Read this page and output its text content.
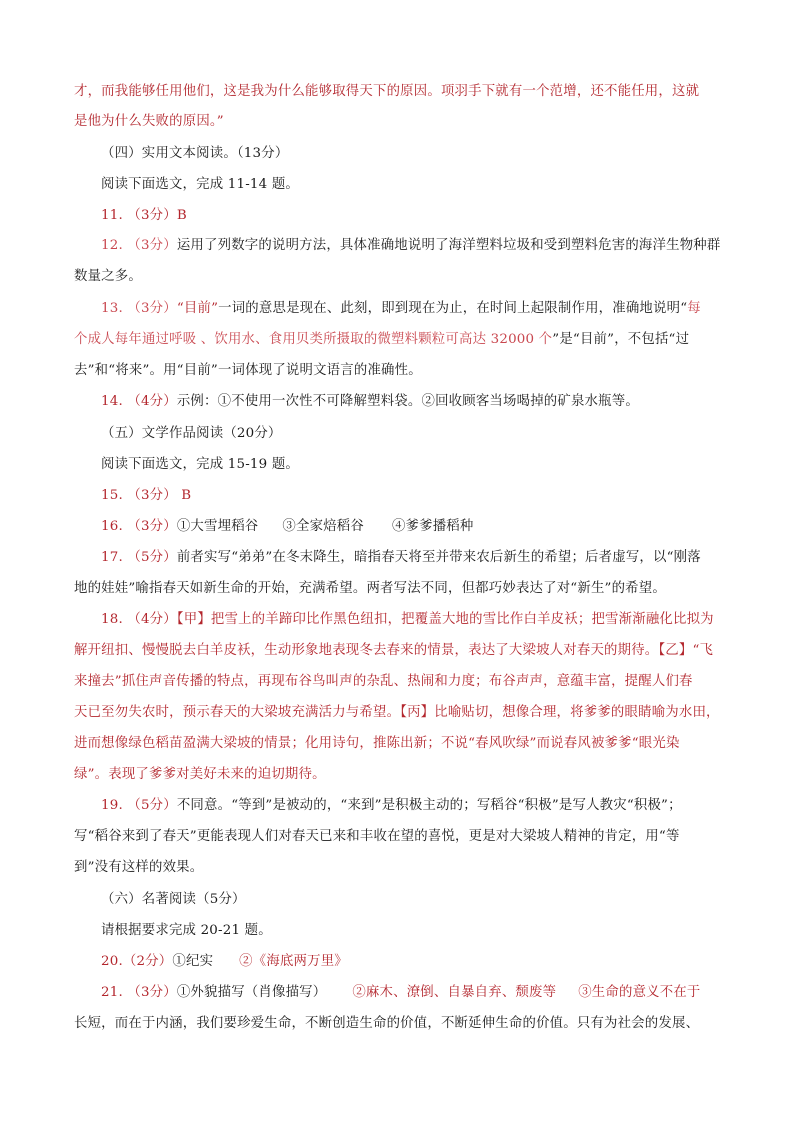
才，而我能够任用他们，这是我为什么能够取得天下的原因。项羽手下就有一个范增，还不能任用，这就
是他为什么失败的原因。”
（四）实用文本阅读。（13分）
阅读下面选文，完成 11-14 题。
11. （3分）B
12. （3分）运用了列数字的说明方法，具体准确地说明了海洋塑料垃圾和受到塑料危害的海洋生物种群
数量之多。
13. （3分）“目前”一词的意思是现在、此刻，即到现在为止，在时间上起限制作用，准确地说明“每
个成人每年通过呼吸 、饮用水、食用贝类所摄取的微塑料颗粒可高达 32000 个”是“目前”，不包括“过
去”和“将来”。用“目前”一词体现了说明文语言的准确性。
14. （4分）示例：①不使用一次性不可降解塑料袋。②回收顾客当场喝掉的矿泉水瓶等。
（五）文学作品阅读（20分）
阅读下面选文，完成 15-19 题。
15. （3分） B
16. （3分）①大雪埋稻谷 ③全家焙稻谷 ④爹爹播稻种
17. （5分）前者实写“弟弟”在冬末降生，暗指春天将至并带来农后新生的希望；后者虚写，以“刚落
地的娃娃”喻指春天如新生命的开始，充满希望。两者写法不同，但都巧妙表达了对“新生”的希望。
18. （4分）【甲】把雪上的羊蹄印比作黑色纽扣，把覆盖大地的雪比作白羊皮袄；把雪渐渐融化比拟为
解开纽扣、慢慢脱去白羊皮袄，生动形象地表现冬去春来的情景，表达了大梁坡人对春天的期待。【乙】“飞
来撞去”抓住声音传播的特点，再现布谷鸟叫声的杂乱、热闹和力度；布谷声声，意蕴丰富，提醒人们春
天已至勿失农时，预示春天的大梁坡充满活力与希望。【丙】比喻贴切，想像合理，将爹爹的眼睛喻为水田，
进而想像绿色稻苗盈满大梁坡的情景；化用诗句，推陈出新；不说“春风吹绿”而说春风被爹爹“眼光染
绿”。表现了爹爹对美好未来的迫切期待。
19. （5分）不同意。“等到”是被动的，“来到”是积极主动的；写稻谷“积极”是写人教灾“积极”；
写“稻谷来到了春天”更能表现人们对春天已来和丰收在望的喜悦，更是对大梁坡人精神的肯定，用“等
到”没有这样的效果。
（六）名著阅读（5分）
请根据要求完成 20-21 题。
20.（2分）①纪实 ②《海底两万里》
21. （3分）①外貌描写（肖像描写） ②麻木、潦倒、自暴自弃、颓废等 ③生命的意义不在于
长短，而在于内涵，我们要珍爱生命，不断创造生命的价值，不断延伸生命的价值。只有为社会的发展、
